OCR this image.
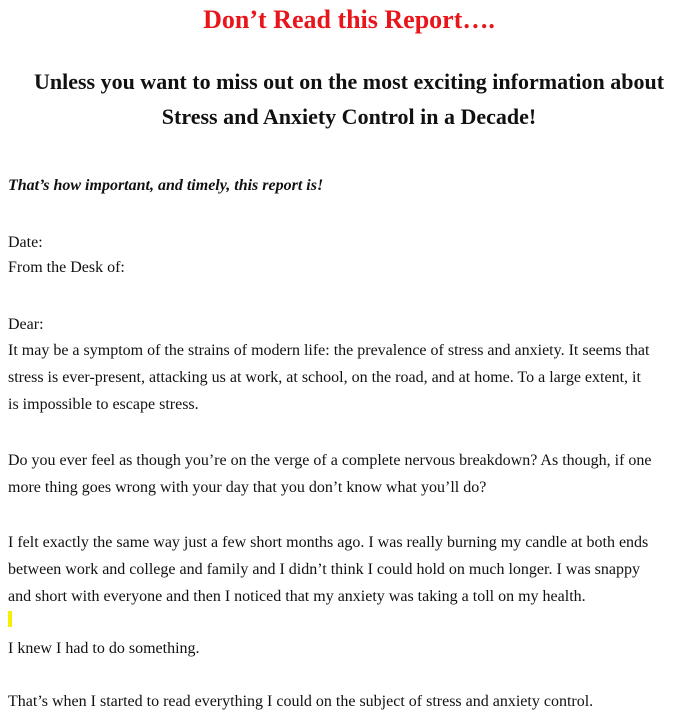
Don’t Read this Report….
Unless you want to miss out on the most exciting information about
Stress and Anxiety Control in a Decade!

That’s how important, and timely, this report is!

Date:

From the Desk of:

Dear:

It may be a symptom of the strains of modern life: the prevalence of stress and anxiety. It seems that
stress is ever-present, attacking us at work, at school, on the road, and at home. To a large extent, it
is impossible to escape stress.
Do you ever feel as though you’re on the verge of a complete nervous breakdown? As though, if one
more thing goes wrong with your day that you don’t know what you’ll do?
I felt exactly the same way just a few short months ago. I was really burning my candle at both ends
between work and college and family and I didn’t think I could hold on much longer. I was snappy
and short with everyone and then I noticed that my anxiety was taking a toll on my health.
I knew I had to do something.
That’s when I started to read everything I could on the subject of stress and anxiety control.
